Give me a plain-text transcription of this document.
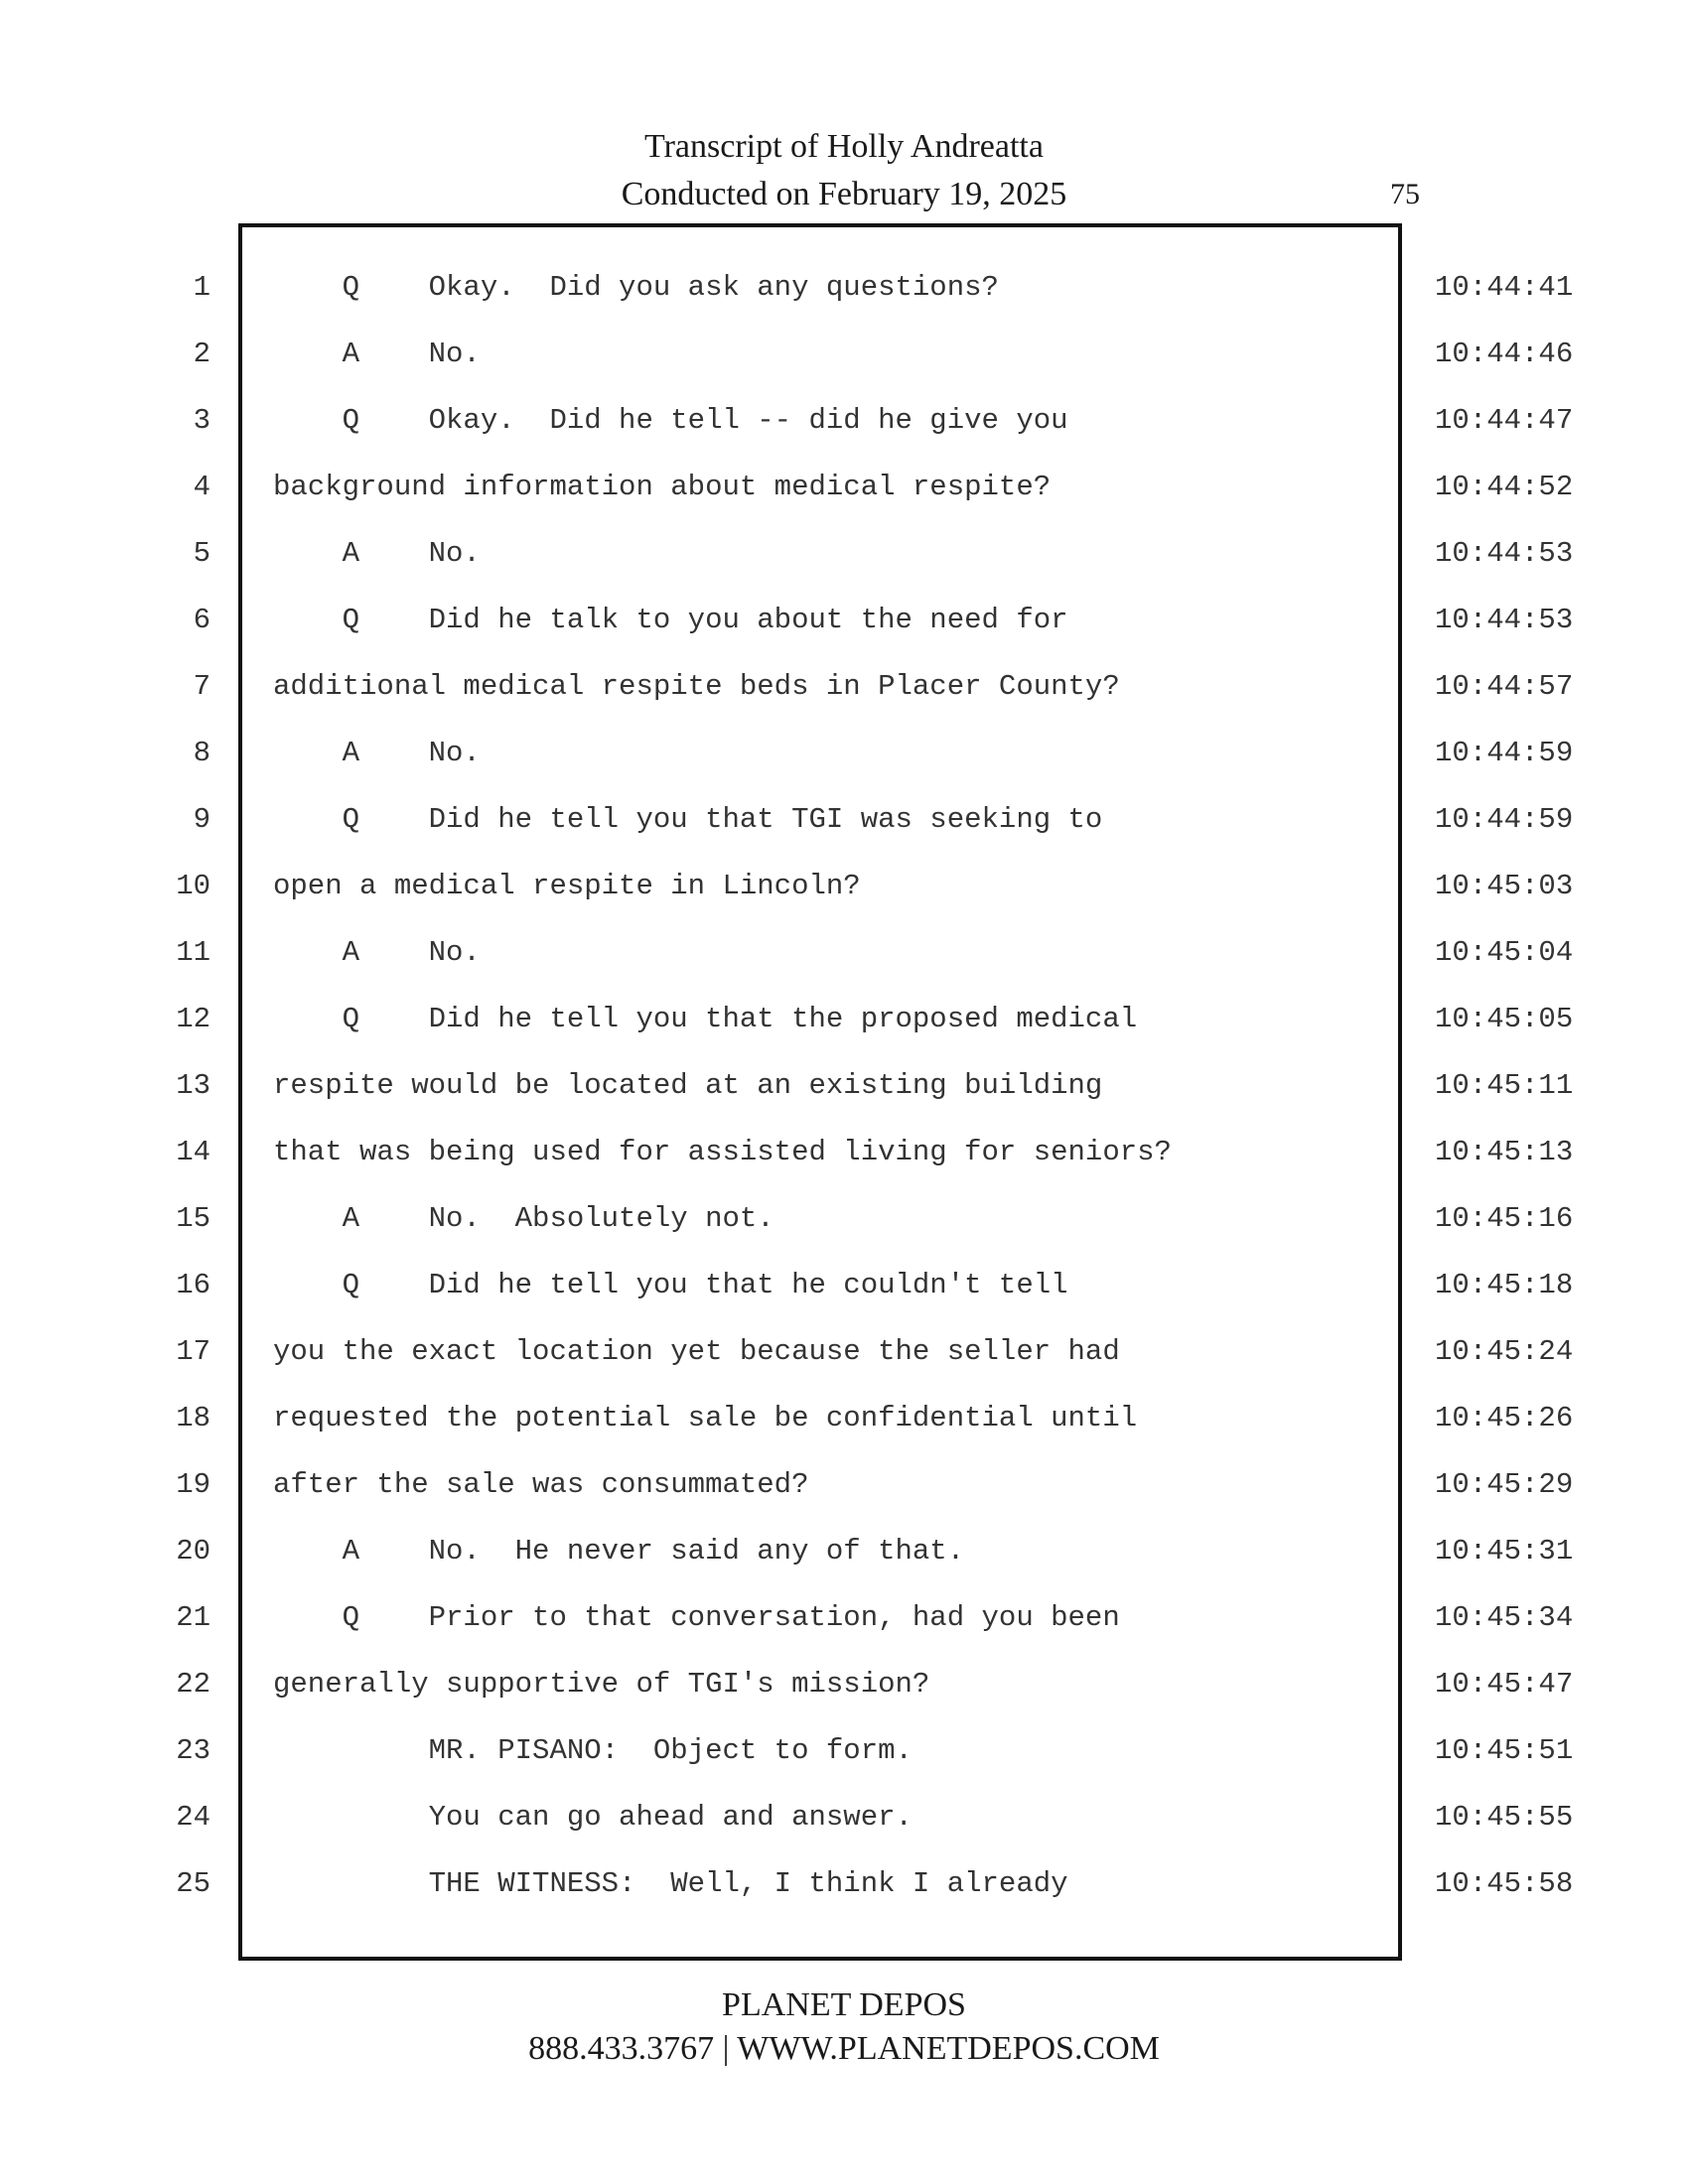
Transcript of Holly Andreatta
Conducted on February 19, 2025	75
1 Q    Okay.  Did you ask any questions?	10:44:41
2 A    No.	10:44:46
3 Q    Okay.  Did he tell -- did he give you	10:44:47
4 background information about medical respite?	10:44:52
5 A    No.	10:44:53
6 Q    Did he talk to you about the need for	10:44:53
7 additional medical respite beds in Placer County?	10:44:57
8 A    No.	10:44:59
9 Q    Did he tell you that TGI was seeking to	10:44:59
10 open a medical respite in Lincoln?	10:45:03
11 A    No.	10:45:04
12 Q    Did he tell you that the proposed medical	10:45:05
13 respite would be located at an existing building	10:45:11
14 that was being used for assisted living for seniors?	10:45:13
15 A    No.  Absolutely not.	10:45:16
16 Q    Did he tell you that he couldn't tell	10:45:18
17 you the exact location yet because the seller had	10:45:24
18 requested the potential sale be confidential until	10:45:26
19 after the sale was consummated?	10:45:29
20 A    No.  He never said any of that.	10:45:31
21 Q    Prior to that conversation, had you been	10:45:34
22 generally supportive of TGI's mission?	10:45:47
23 MR. PISANO:  Object to form.	10:45:51
24 You can go ahead and answer.	10:45:55
25 THE WITNESS:  Well, I think I already	10:45:58
PLANET DEPOS
888.433.3767 | WWW.PLANETDEPOS.COM
